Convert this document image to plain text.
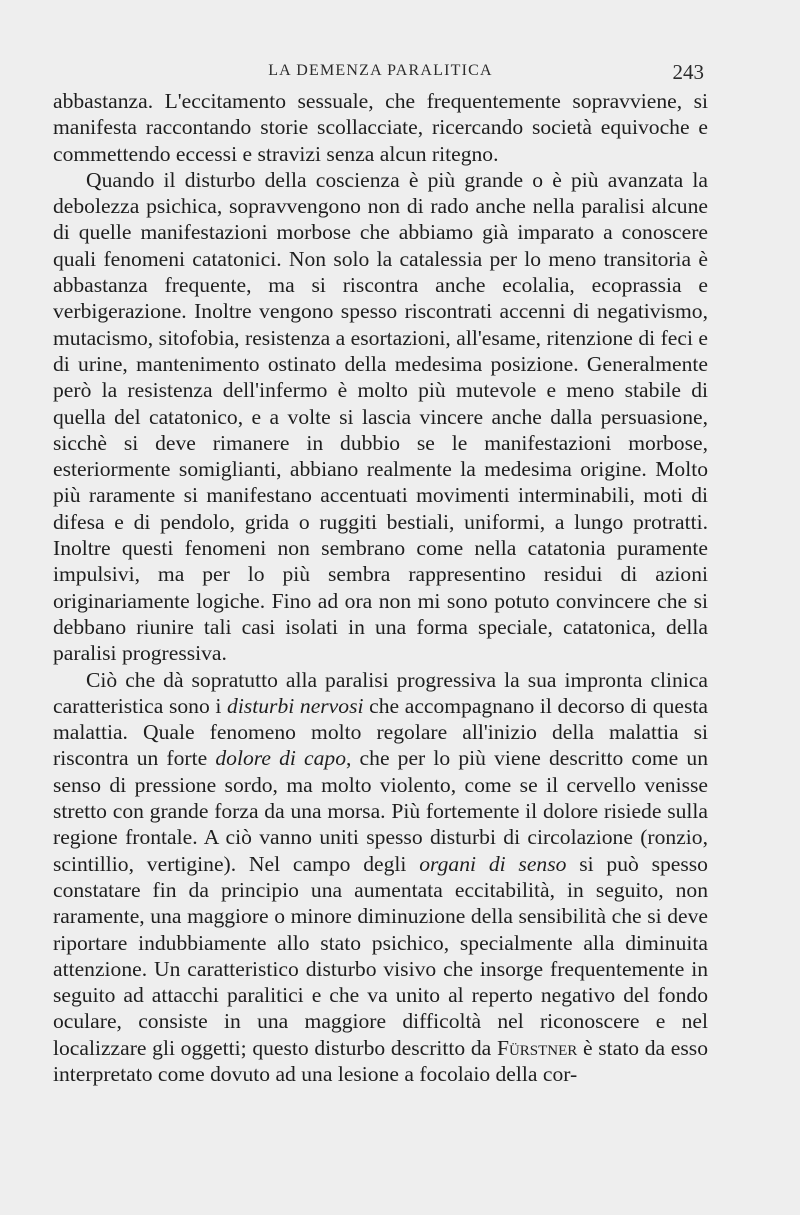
LA DEMENZA PARALITICA	243

abbastanza. L'eccitamento sessuale, che frequentemente sopravviene, si manifesta raccontando storie scollacciate, ricercando società equivoche e commettendo eccessi e stravizi senza alcun ritegno.

Quando il disturbo della coscienza è più grande o è più avanzata la debolezza psichica, sopravvengono non di rado anche nella paralisi alcune di quelle manifestazioni morbose che abbiamo già imparato a conoscere quali fenomeni catatonici. Non solo la catalessia per lo meno transitoria è abbastanza frequente, ma si riscontra anche ecolalia, ecoprassia e verbigerazione. Inoltre vengono spesso riscontrati accenni di negativismo, mutacismo, sitofobia, resistenza a esortazioni, all'esame, ritenzione di feci e di urine, mantenimento ostinato della medesima posizione. Generalmente però la resistenza dell'infermo è molto più mutevole e meno stabile di quella del catatonico, e a volte si lascia vincere anche dalla persuasione, sicchè si deve rimanere in dubbio se le manifestazioni morbose, esteriormente somiglianti, abbiano realmente la medesima origine. Molto più raramente si manifestano accentuati movimenti interminabili, moti di difesa e di pendolo, grida o ruggiti bestiali, uniformi, a lungo protratti. Inoltre questi fenomeni non sembrano come nella catatonia puramente impulsivi, ma per lo più sembra rappresentino residui di azioni originariamente logiche. Fino ad ora non mi sono potuto convincere che si debbano riunire tali casi isolati in una forma speciale, catatonica, della paralisi progressiva.

Ciò che dà sopratutto alla paralisi progressiva la sua impronta clinica caratteristica sono i disturbi nervosi che accompagnano il decorso di questa malattia. Quale fenomeno molto regolare all'inizio della malattia si riscontra un forte dolore di capo, che per lo più viene descritto come un senso di pressione sordo, ma molto violento, come se il cervello venisse stretto con grande forza da una morsa. Più fortemente il dolore risiede sulla regione frontale. A ciò vanno uniti spesso disturbi di circolazione (ronzio, scintillio, vertigine). Nel campo degli organi di senso si può spesso constatare fin da principio una aumentata eccitabilità, in seguito, non raramente, una maggiore o minore diminuzione della sensibilità che si deve riportare indubbiamente allo stato psichico, specialmente alla diminuita attenzione. Un caratteristico disturbo visivo che insorge frequentemente in seguito ad attacchi paralitici e che va unito al reperto negativo del fondo oculare, consiste in una maggiore difficoltà nel riconoscere e nel localizzare gli oggetti; questo disturbo descritto da Fürstner è stato da esso interpretato come dovuto ad una lesione a focolaio della cor-
